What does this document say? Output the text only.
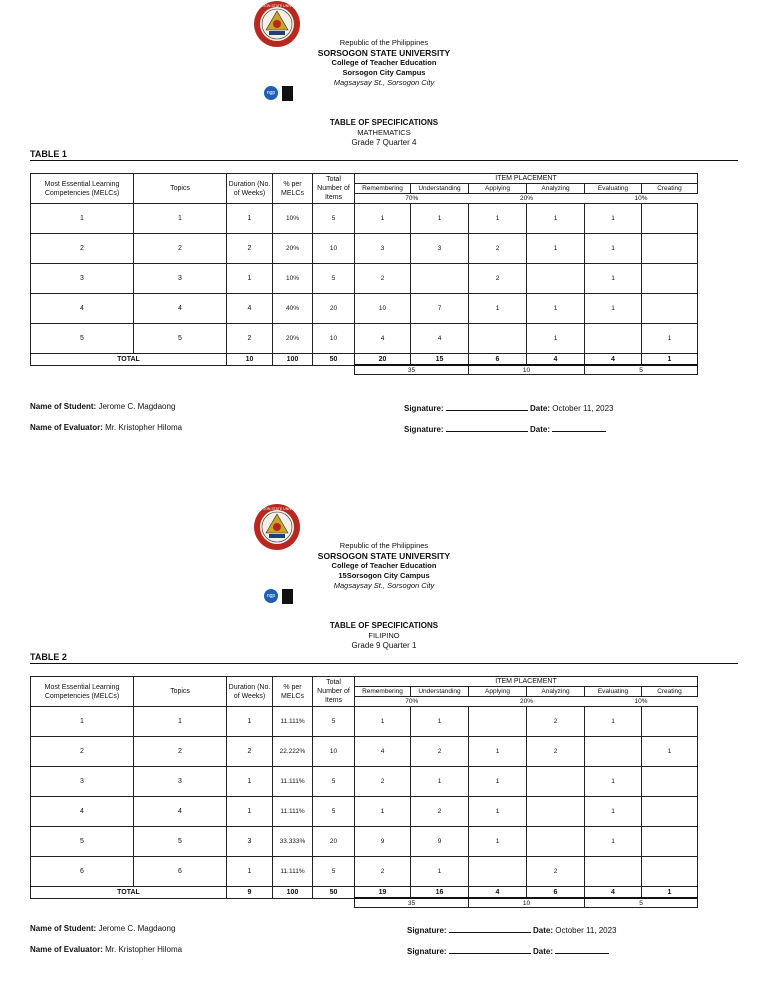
SORSOGON STATE UNIVERSITY
ngp
Republic of the Philippines
SORSOGON STATE UNIVERSITY
College of Teacher Education
Sorsogon City Campus
Magsaysay St., Sorsogon City
TABLE OF SPECIFICATIONS
MATHEMATICS
Grade 7 Quarter 4
TABLE 1
Most Essential Learning Competencies (MELCs)	Topics	Duration (No. of Weeks)	% per MELCs	Total Number of Items	ITEM PLACEMENT					
					Remembering	Understanding	Applying	Analyzing	Evaluating	Creating
					70%		20%		10%	
1	1	1	10%	5	1	1	1	1	1	
2	2	2	20%	10	3	3	2	1	1	
3	3	1	10%	5	2		2		1	
4	4	4	40%	20	10	7	1	1	1	
5	5	2	20%	10	4	4		1		1
TOTAL		10	100	50	20	15	6	4	4	1
					35		10		5	
Name of Student: Jerome C. Magdaong
Name of Evaluator: Mr. Kristopher Hiloma
Signature:	Date: October 11, 2023
Signature:	Date:
SORSOGON STATE UNIVERSITY
ngp
Republic of the Philippines
SORSOGON STATE UNIVERSITY
College of Teacher Education
15Sorsogon City Campus
Magsaysay St., Sorsogon City
TABLE OF SPECIFICATIONS
FILIPINO
Grade 9 Quarter 1
TABLE 2
Most Essential Learning Competencies (MELCs)	Topics	Duration (No. of Weeks)	% per MELCs	Total Number of Items	ITEM PLACEMENT					
					Remembering	Understanding	Applying	Analyzing	Evaluating	Creating
					70%		20%		10%	
1	1	1	11.111%	5	1	1		2	1	
2	2	2	22.222%	10	4	2	1	2		1
3	3	1	11.111%	5	2	1	1		1	
4	4	1	11.111%	5	1	2	1		1	
5	5	3	33.333%	20	9	9	1		1	
6	6	1	11.111%	5	2	1		2		
TOTAL		9	100	50	19	16	4	6	4	1
					35		10		5	
Name of Student: Jerome C. Magdaong
Name of Evaluator: Mr. Kristopher Hiloma
Signature:	Date: October 11, 2023
Signature:	Date:
